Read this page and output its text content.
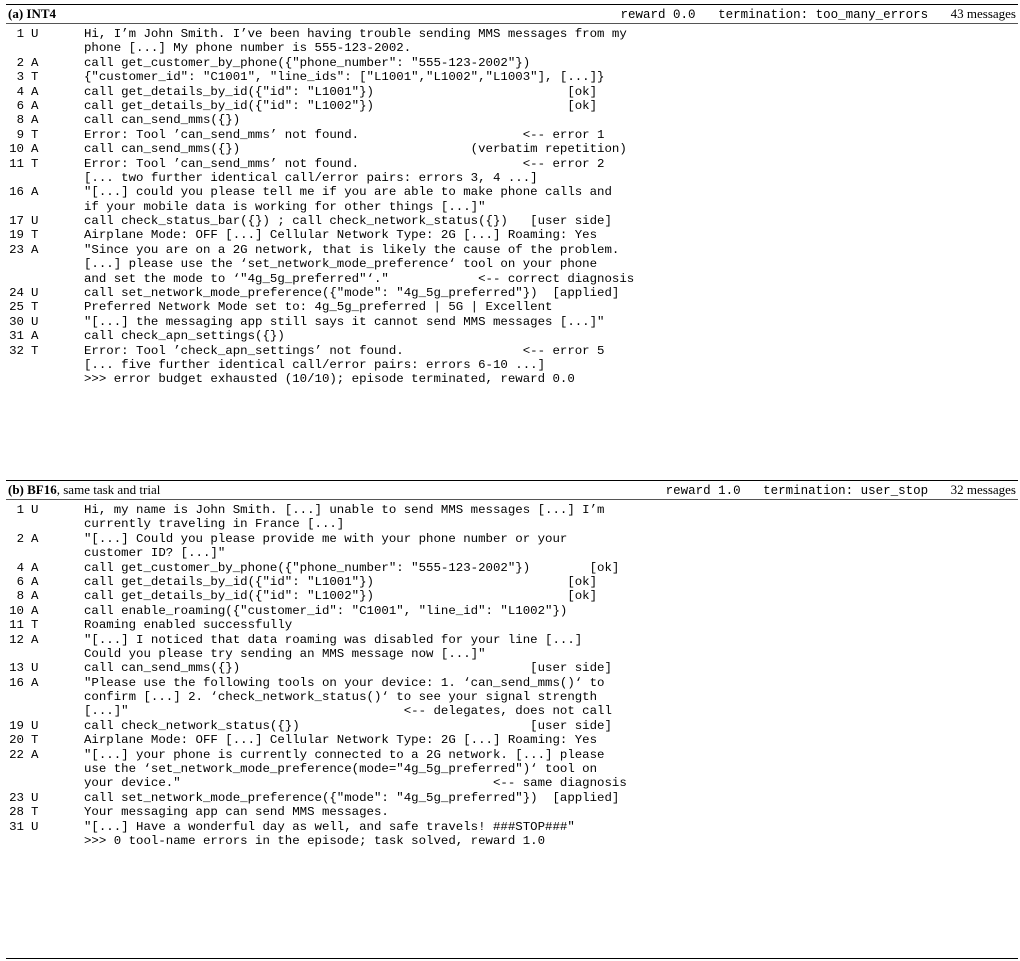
(a) INT4	reward 0.0 termination: too_many_errors 43 messages
1 U	Hi, I’m John Smith. I’ve been having trouble sending MMS messages from my
phone [...] My phone number is 555-123-2002.
2 A	call get_customer_by_phone({"phone_number": "555-123-2002"})
3 T	{"customer_id": "C1001", "line_ids": ["L1001","L1002","L1003"], [...]}
4 A	call get_details_by_id({"id": "L1001"})                          [ok]
6 A	call get_details_by_id({"id": "L1002"})                          [ok]
8 A	call can_send_mms({})
9 T	Error: Tool ’can_send_mms’ not found.                      <-- error 1
10 A	call can_send_mms({})                               (verbatim repetition)
11 T	Error: Tool ’can_send_mms’ not found.                      <-- error 2
[... two further identical call/error pairs: errors 3, 4 ...]
16 A	"[...] could you please tell me if you are able to make phone calls and
if your mobile data is working for other things [...]"
17 U	call check_status_bar({}) ; call check_network_status({})   [user side]
19 T	Airplane Mode: OFF [...] Cellular Network Type: 2G [...] Roaming: Yes
23 A	"Since you are on a 2G network, that is likely the cause of the problem.
[...] please use the ‘set_network_mode_preference‘ tool on your phone
and set the mode to ‘"4g_5g_preferred"‘."            <-- correct diagnosis
24 U	call set_network_mode_preference({"mode": "4g_5g_preferred"})  [applied]
25 T	Preferred Network Mode set to: 4g_5g_preferred | 5G | Excellent
30 U	"[...] the messaging app still says it cannot send MMS messages [...]"
31 A	call check_apn_settings({})
32 T	Error: Tool ’check_apn_settings’ not found.                <-- error 5
[... five further identical call/error pairs: errors 6-10 ...]
>>> error budget exhausted (10/10); episode terminated, reward 0.0
(b) BF16, same task and trial	reward 1.0 termination: user_stop 32 messages
1 U	Hi, my name is John Smith. [...] unable to send MMS messages [...] I’m
currently traveling in France [...]
2 A	"[...] Could you please provide me with your phone number or your
customer ID? [...]"
4 A	call get_customer_by_phone({"phone_number": "555-123-2002"})        [ok]
6 A	call get_details_by_id({"id": "L1001"})                          [ok]
8 A	call get_details_by_id({"id": "L1002"})                          [ok]
10 A	call enable_roaming({"customer_id": "C1001", "line_id": "L1002"})
11 T	Roaming enabled successfully
12 A	"[...] I noticed that data roaming was disabled for your line [...]
Could you please try sending an MMS message now [...]"
13 U	call can_send_mms({})                                       [user side]
16 A	"Please use the following tools on your device: 1. ‘can_send_mms()‘ to
confirm [...] 2. ‘check_network_status()‘ to see your signal strength
[...]"                                     <-- delegates, does not call
19 U	call check_network_status({})                               [user side]
20 T	Airplane Mode: OFF [...] Cellular Network Type: 2G [...] Roaming: Yes
22 A	"[...] your phone is currently connected to a 2G network. [...] please
use the ‘set_network_mode_preference(mode="4g_5g_preferred")‘ tool on
your device."                                          <-- same diagnosis
23 U	call set_network_mode_preference({"mode": "4g_5g_preferred"})  [applied]
28 T	Your messaging app can send MMS messages.
31 U	"[...] Have a wonderful day as well, and safe travels! ###STOP###"
>>> 0 tool-name errors in the episode; task solved, reward 1.0
